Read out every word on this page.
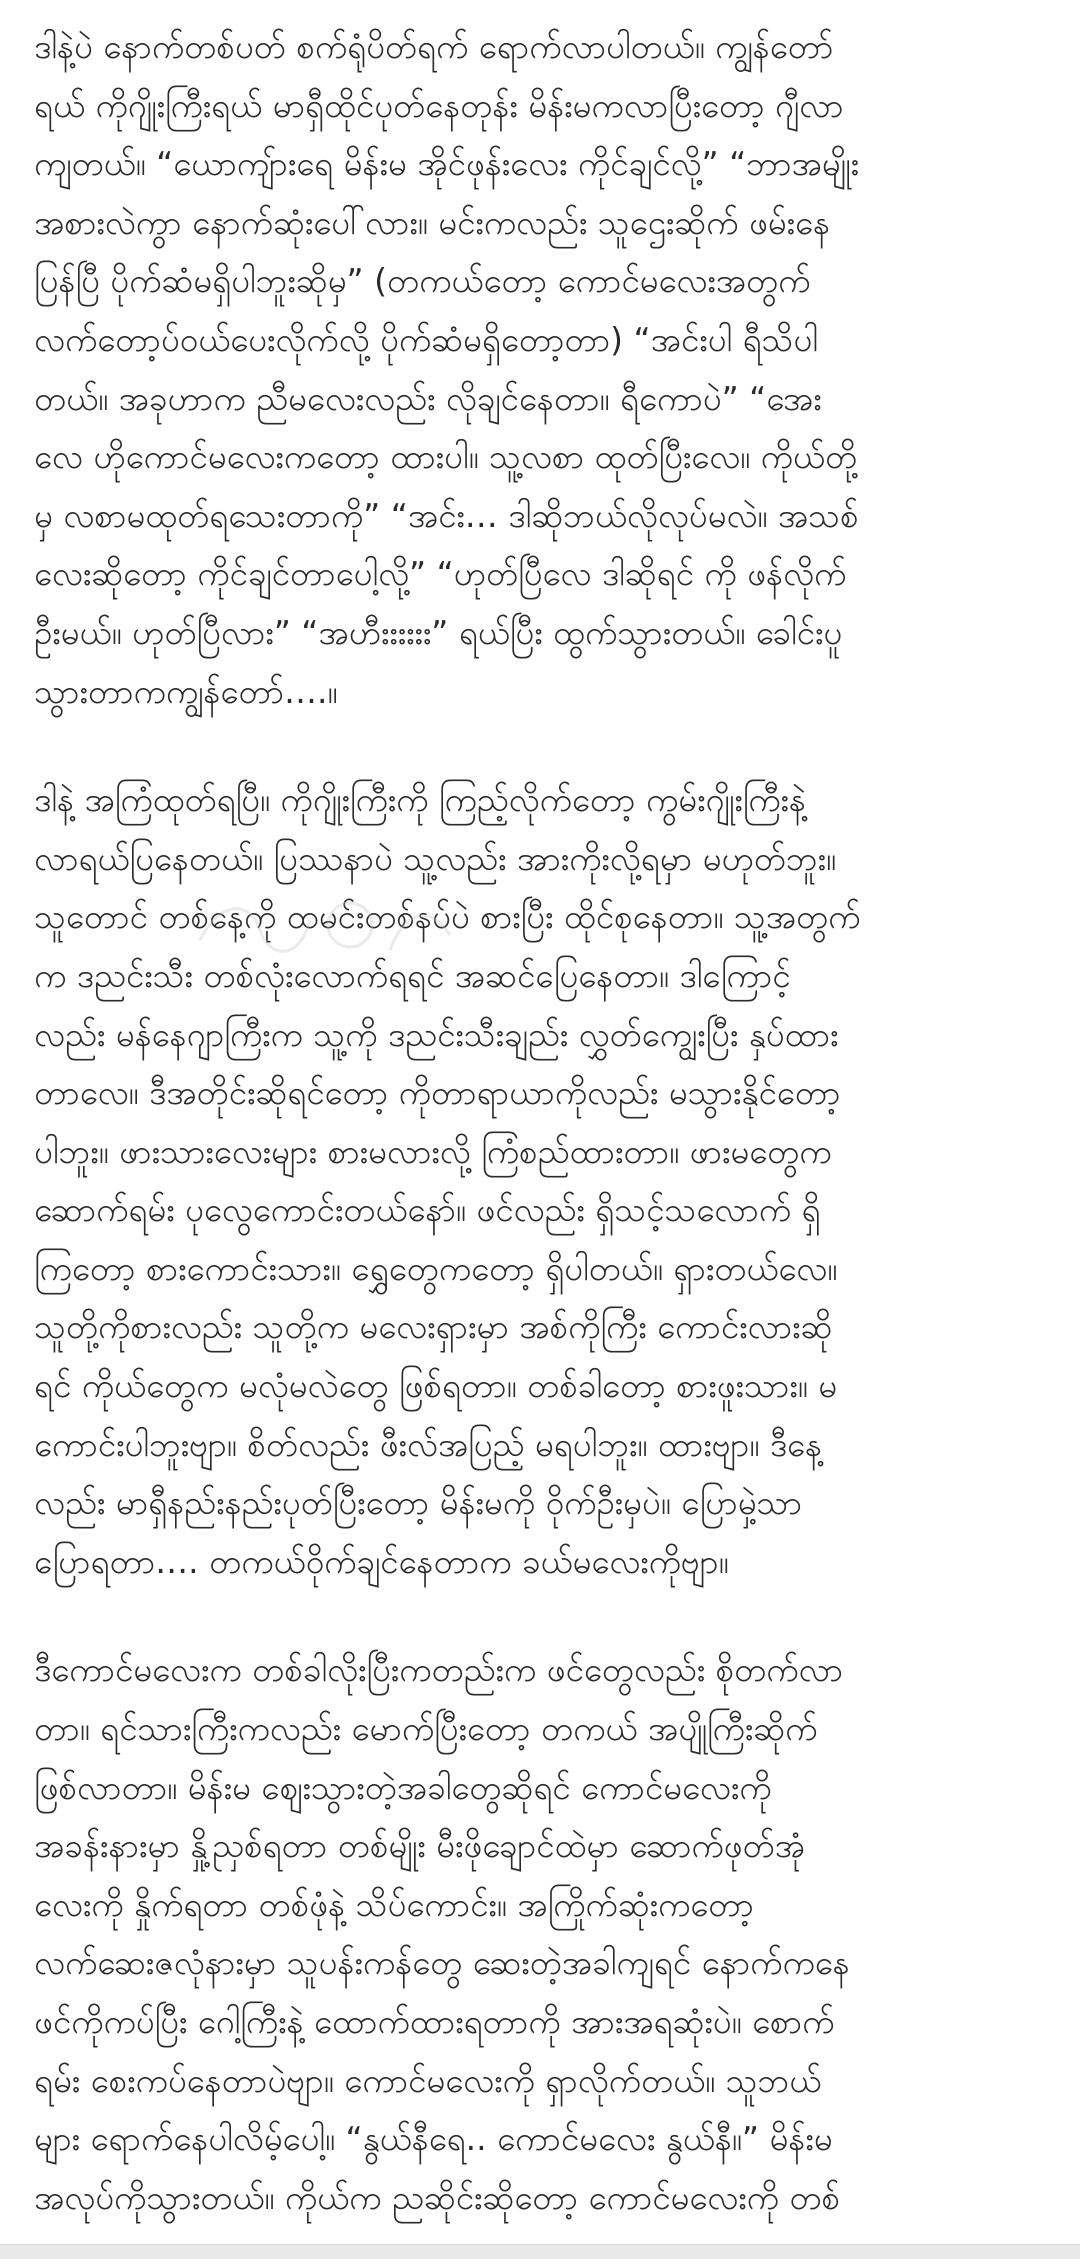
ဒါနဲ့ပဲ နောက်တစ်ပတ် စက်ရုံပိတ်ရက် ရောက်လာပါတယ်။ ကျွန်တော်
ရယ် ကိုဂျိုးကြီးရယ် မာရှီထိုင်ပုတ်နေတုန်း မိန်းမကလာပြီးတော့ ဂျီလာ
ကျတယ်။ “ယောကျ်ားရေ မိန်းမ အိုင်ဖုန်းလေး ကိုင်ချင်လို့” “ဘာအမျိုး
အစားလဲကွာ နောက်ဆုံးပေါ်လား။ မင်းကလည်း သူဌေးဆိုက် ဖမ်းနေ
ပြန်ပြီ ပိုက်ဆံမရှိပါဘူးဆိုမှ” (တကယ်တော့ ကောင်မလေးအတွက်
လက်တော့ပ်ဝယ်ပေးလိုက်လို့ ပိုက်ဆံမရှိတော့တာ) “အင်းပါ ရီသိပါ
တယ်။ အခုဟာက ညီမလေးလည်း လိုချင်နေတာ။ ရီကောပဲ” “အေး
လေ ဟိုကောင်မလေးကတော့ ထားပါ။ သူ့လစာ ထုတ်ပြီးလေ။ ကိုယ်တို့
မှ လစာမထုတ်ရသေးတာကို” “အင်း… ဒါဆိုဘယ်လိုလုပ်မလဲ။ အသစ်
လေးဆိုတော့ ကိုင်ချင်တာပေါ့လို့” “ဟုတ်ပြီလေ ဒါဆိုရင် ကို ဖန်လိုက်
ဦးမယ်။ ဟုတ်ပြီလား” “အဟီးးးးးး” ရယ်ပြီး ထွက်သွားတယ်။ ခေါင်းပူ
သွားတာကကျွန်တော်….။

ဒါနဲ့ အကြံထုတ်ရပြီ။ ကိုဂျိုးကြီးကို ကြည့်လိုက်တော့ ကွမ်းဂျိုးကြီးနဲ့
လာရယ်ပြနေတယ်။ ပြဿနာပဲ သူ့လည်း အားကိုးလို့ရမှာ မဟုတ်ဘူး။
သူတောင် တစ်နေ့ကို ထမင်းတစ်နပ်ပဲ စားပြီး ထိုင်စုနေတာ။ သူ့အတွက်
က ဒညင်းသီး တစ်လုံးလောက်ရရင် အဆင်ပြေနေတာ။ ဒါကြောင့်
လည်း မန်နေဂျာကြီးက သူ့ကို ဒညင်းသီးချည်း လွှတ်ကျွေးပြီး နှပ်ထား
တာလေ။ ဒီအတိုင်းဆိုရင်တော့ ကိုတာရာယာကိုလည်း မသွားနိုင်တော့
ပါဘူး။ ဖားသားလေးများ စားမလားလို့ ကြံစည်ထားတာ။ ဖားမတွေက
ဆောက်ရမ်း ပုလွေကောင်းတယ်နော်။ ဖင်လည်း ရှိသင့်သလောက် ရှိ
ကြတော့ စားကောင်းသား။ ရွှေတွေကတော့ ရှိပါတယ်။ ရှားတယ်လေ။
သူတို့ကိုစားလည်း သူတို့က မလေးရှားမှာ အစ်ကိုကြီး ကောင်းလားဆို
ရင် ကိုယ်တွေက မလုံမလဲတွေ ဖြစ်ရတာ။ တစ်ခါတော့ စားဖူးသား။ မ
ကောင်းပါဘူးဗျာ။ စိတ်လည်း ဖီးလ်အပြည့် မရပါဘူး။ ထားဗျာ။ ဒီနေ့
လည်း မာရှီနည်းနည်းပုတ်ပြီးတော့ မိန်းမကို ဝိုက်ဦးမှပဲ။ ပြောမှဲ့သာ
ပြောရတာ…. တကယ်ဝိုက်ချင်နေတာက ခယ်မလေးကိုဗျာ။

ဒီကောင်မလေးက တစ်ခါလိုးပြီးကတည်းက ဖင်တွေလည်း စိုတက်လာ
တာ။ ရင်သားကြီးကလည်း မောက်ပြီးတော့ တကယ် အပျိုကြီးဆိုက်
ဖြစ်လာတာ။ မိန်းမ ဈေးသွားတဲ့အခါတွေဆိုရင် ကောင်မလေးကို
အခန်းနားမှာ နှို့ညှစ်ရတာ တစ်မျိုး မီးဖိုချောင်ထဲမှာ ဆောက်ဖုတ်အုံ
လေးကို နှိုက်ရတာ တစ်ဖုံနဲ့ သိပ်ကောင်း။ အကြိုက်ဆုံးကတော့
လက်ဆေးဇလုံနားမှာ သူပန်းကန်တွေ ဆေးတဲ့အခါကျရင် နောက်ကနေ
ဖင်ကိုကပ်ပြီး ဂေါ့ကြီးနဲ့ ထောက်ထားရတာကို အားအရဆုံးပဲ။ စောက်
ရမ်း စေးကပ်နေတာပဲဗျာ။ ကောင်မလေးကို ရှာလိုက်တယ်။ သူဘယ်
များ ရောက်နေပါလိမ့်ပေါ့။ “နွယ်နီရေ.. ကောင်မလေး နွယ်နီ။” မိန်းမ
အလုပ်ကိုသွားတယ်။ ကိုယ်က ညဆိုင်းဆိုတော့ ကောင်မလေးကို တစ်
